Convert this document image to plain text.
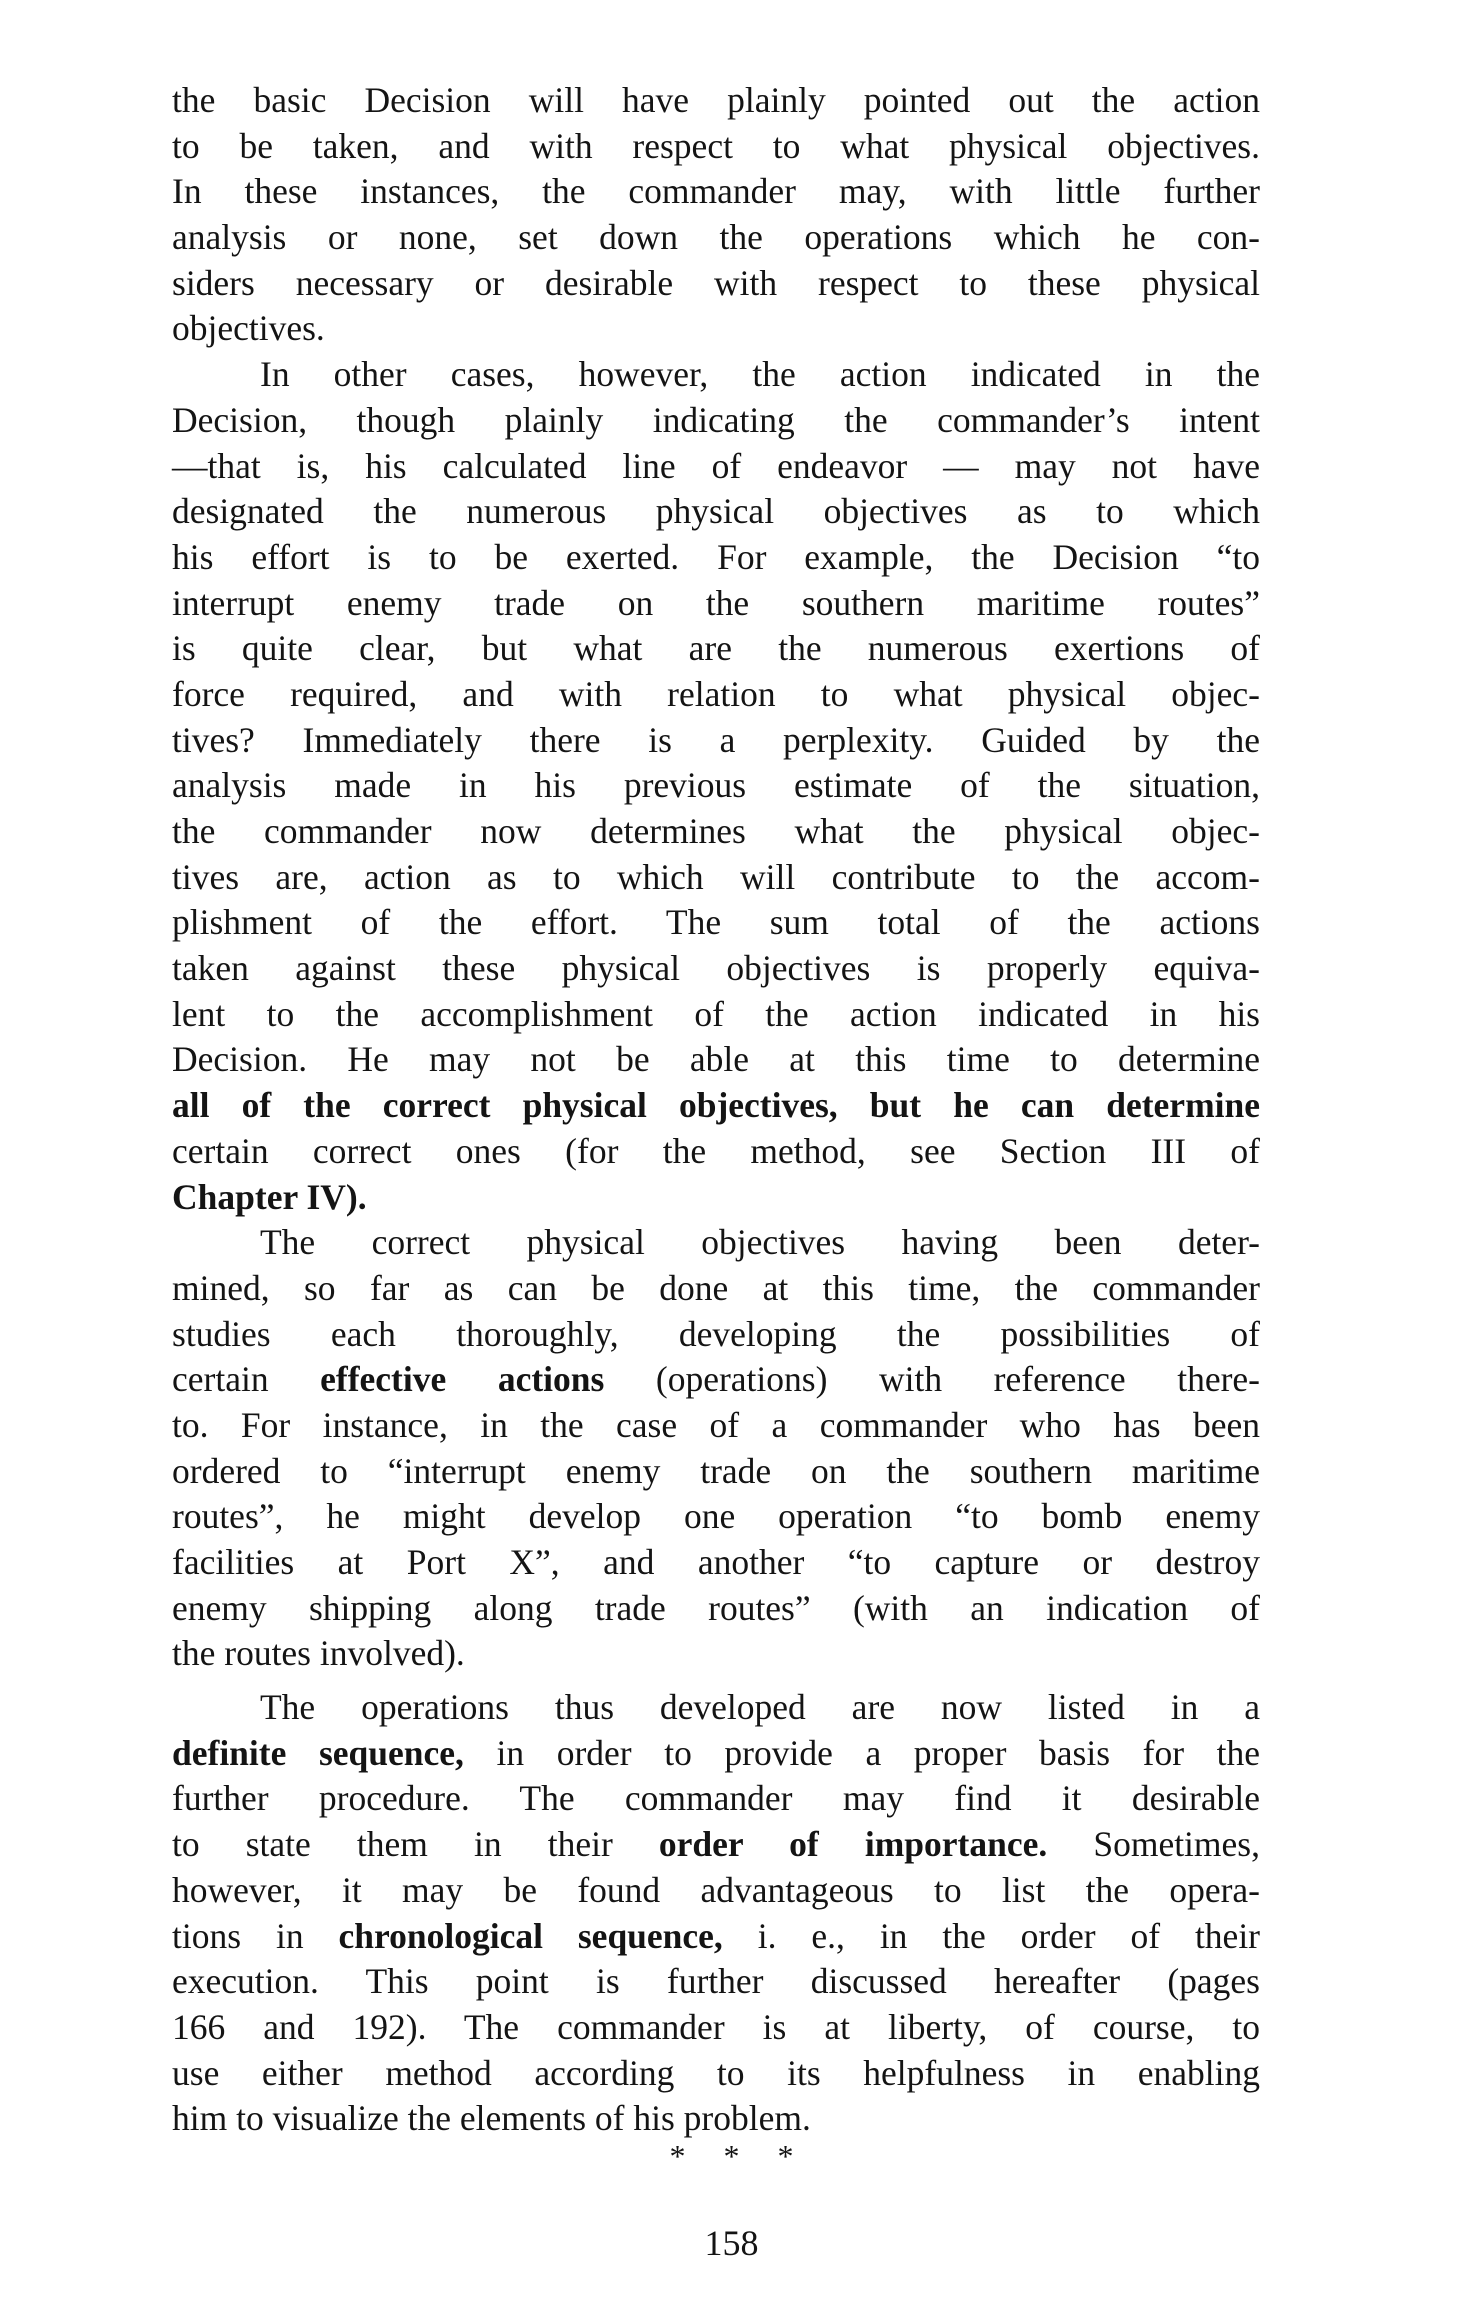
the basic Decision will have plainly pointed out the action
to be taken, and with respect to what physical objectives.
In these instances, the commander may, with little further
analysis or none, set down the operations which he con-
siders necessary or desirable with respect to these physical
objectives.
In other cases, however, the action indicated in the
Decision, though plainly indicating the commander’s intent
—that is, his calculated line of endeavor — may not have
designated the numerous physical objectives as to which
his effort is to be exerted. For example, the Decision “to
interrupt enemy trade on the southern maritime routes”
is quite clear, but what are the numerous exertions of
force required, and with relation to what physical objec-
tives? Immediately there is a perplexity. Guided by the
analysis made in his previous estimate of the situation,
the commander now determines what the physical objec-
tives are, action as to which will contribute to the accom-
plishment of the effort. The sum total of the actions
taken against these physical objectives is properly equiva-
lent to the accomplishment of the action indicated in his
Decision. He may not be able at this time to determine
all of the correct physical objectives, but he can determine
certain correct ones (for the method, see Section III of
Chapter IV).
The correct physical objectives having been deter-
mined, so far as can be done at this time, the commander
studies each thoroughly, developing the possibilities of
certain effective actions (operations) with reference there-
to. For instance, in the case of a commander who has been
ordered to “interrupt enemy trade on the southern maritime
routes”, he might develop one operation “to bomb enemy
facilities at Port X”, and another “to capture or destroy
enemy shipping along trade routes” (with an indication of
the routes involved).
The operations thus developed are now listed in a
definite sequence, in order to provide a proper basis for the
further procedure. The commander may find it desirable
to state them in their order of importance. Sometimes,
however, it may be found advantageous to list the opera-
tions in chronological sequence, i. e., in the order of their
execution. This point is further discussed hereafter (pages
166 and 192). The commander is at liberty, of course, to
use either method according to its helpfulness in enabling
him to visualize the elements of his problem.
* * *
158
